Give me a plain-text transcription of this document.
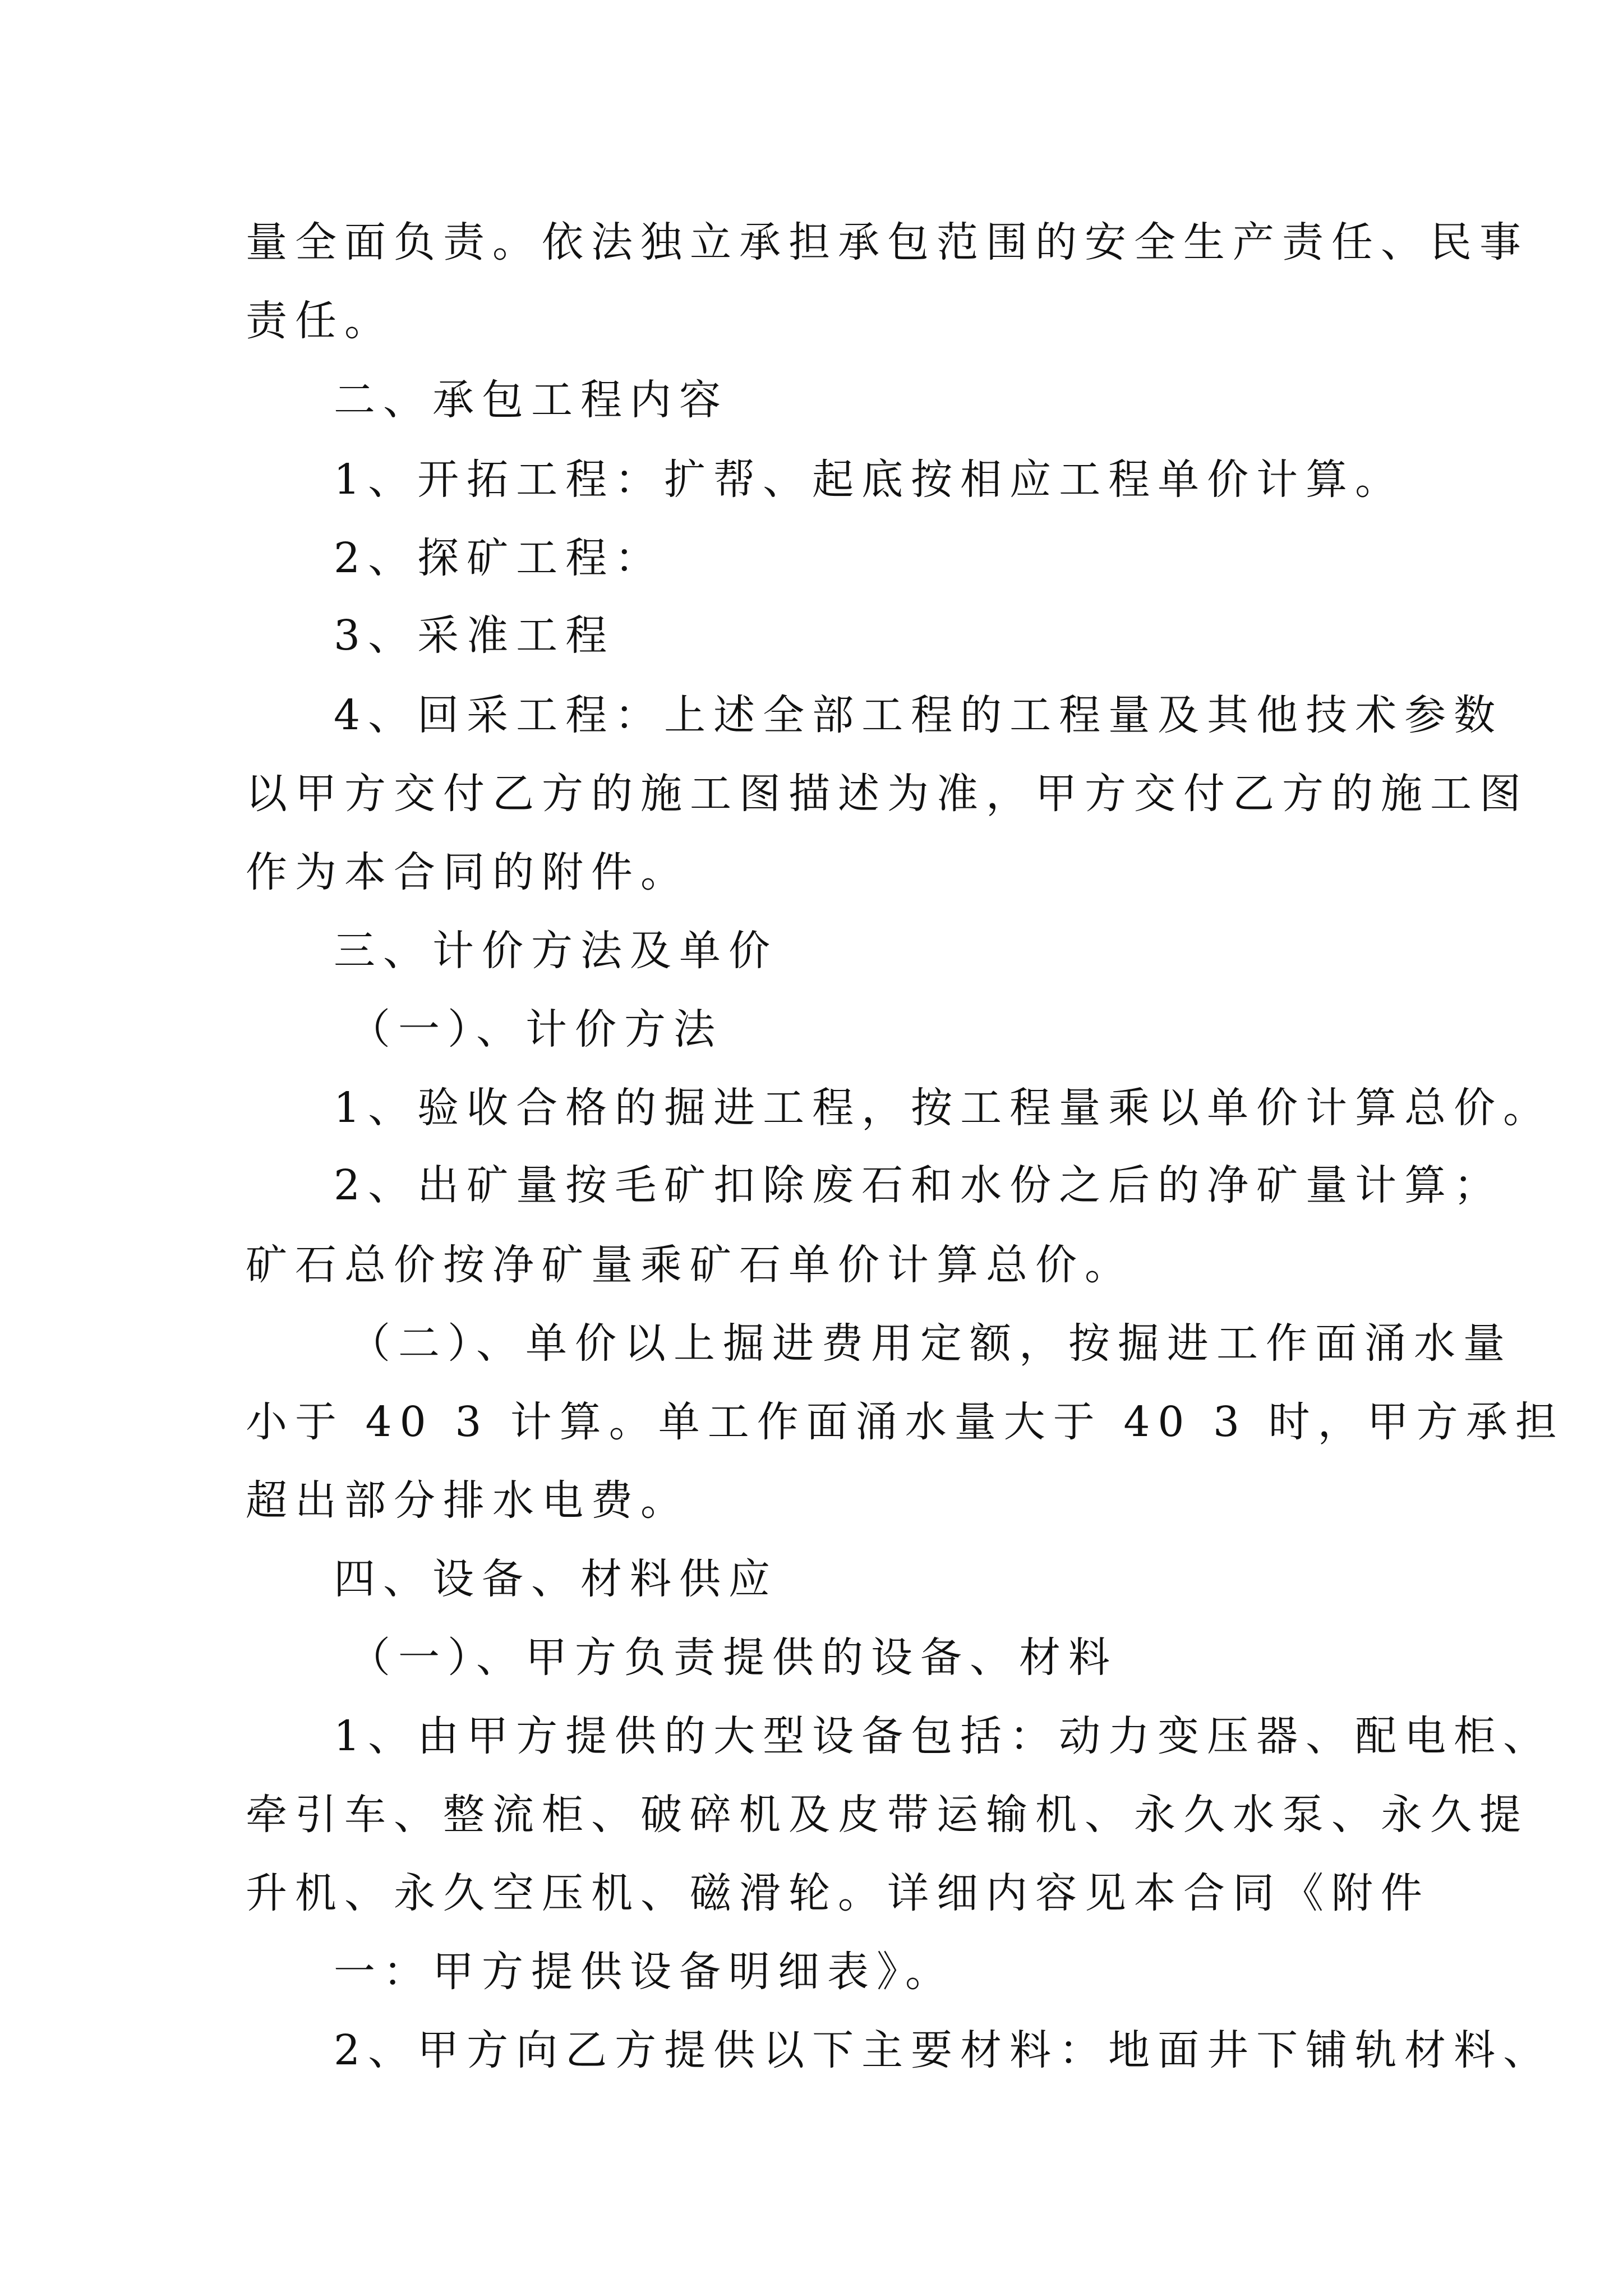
量全面负责。依法独立承担承包范围的安全生产责任、民事
责任。
二、承包工程内容
1、开拓工程：扩帮、起底按相应工程单价计算。
2、探矿工程：
3、采准工程
4、回采工程：上述全部工程的工程量及其他技术参数
以甲方交付乙方的施工图描述为准，甲方交付乙方的施工图
作为本合同的附件。
三、计价方法及单价
（一）、计价方法
1、验收合格的掘进工程，按工程量乘以单价计算总价。
2、出矿量按毛矿扣除废石和水份之后的净矿量计算；
矿石总价按净矿量乘矿石单价计算总价。
（二）、单价以上掘进费用定额，按掘进工作面涌水量
小于 40 3 计算。单工作面涌水量大于 40 3 时，甲方承担
超出部分排水电费。
四、设备、材料供应
（一）、甲方负责提供的设备、材料
1、由甲方提供的大型设备包括：动力变压器、配电柜、
牵引车、整流柜、破碎机及皮带运输机、永久水泵、永久提
升机、永久空压机、磁滑轮。详细内容见本合同《附件
一：甲方提供设备明细表》。
2、甲方向乙方提供以下主要材料：地面井下铺轨材料、
